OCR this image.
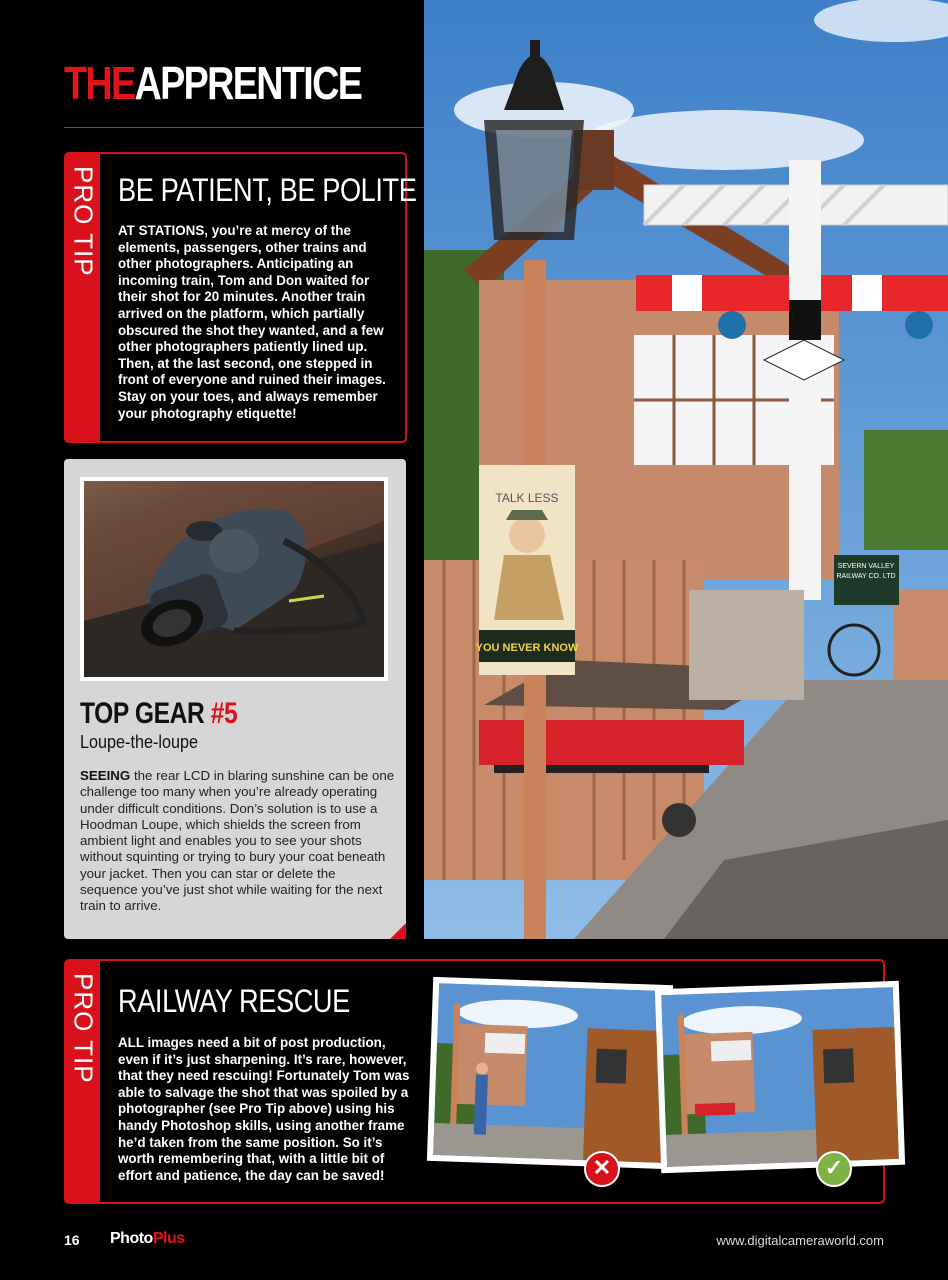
THEAPPRENTICE
PRO TIP BE PATIENT, BE POLITE
AT STATIONS, you’re at mercy of the elements, passengers, other trains and other photographers. Anticipating an incoming train, Tom and Don waited for their shot for 20 minutes. Another train arrived on the platform, which partially obscured the shot they wanted, and a few other photographers patiently lined up. Then, at the last second, one stepped in front of everyone and ruined their images. Stay on your toes, and always remember your photography etiquette!
TOP GEAR #5
Loupe-the-loupe
SEEING the rear LCD in blaring sunshine can be one challenge too many when you’re already operating under difficult conditions. Don’s solution is to use a Hoodman Loupe, which shields the screen from ambient light and enables you to see your shots without squinting or trying to bury your coat beneath your jacket. Then you can star or delete the sequence you’ve just shot while waiting for the next train to arrive.
SEVERN VALLEY
RAILWAY CO. LTD
TALK LESS
YOU NEVER KNOW
PRO TIP RAILWAY RESCUE
ALL images need a bit of post production, even if it’s just sharpening. It’s rare, however, that they need rescuing! Fortunately Tom was able to salvage the shot that was spoiled by a photographer (see Pro Tip above) using his handy Photoshop skills, using another frame he’d taken from the same position. So it’s worth remembering that, with a little bit of effort and patience, the day can be saved!	✕	✓
16 PhotoPlus	www.digitalcameraworld.com
